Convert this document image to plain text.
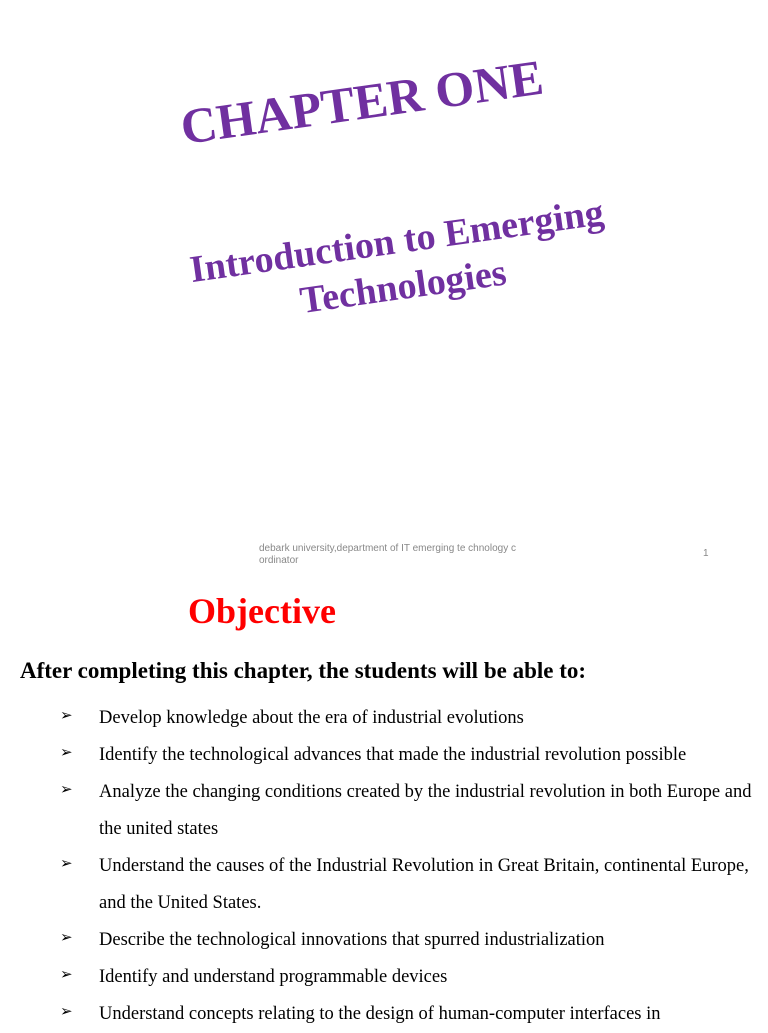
CHAPTER ONE
Introduction to Emerging Technologies
debark university,department of IT emerging te chnology cordinator
1
Objective
After completing this chapter, the students will be able to:
➢ Develop knowledge about the era of industrial evolutions
➢ Identify the technological advances that made the industrial revolution possible
➢ Analyze the changing conditions created by the industrial revolution in both Europe and the united states
➢ Understand the causes of the Industrial Revolution in Great Britain, continental Europe, and the United States.
➢ Describe the technological innovations that spurred industrialization
➢ Identify and understand programmable devices
➢ Understand concepts relating to the design of human-computer interfaces in
